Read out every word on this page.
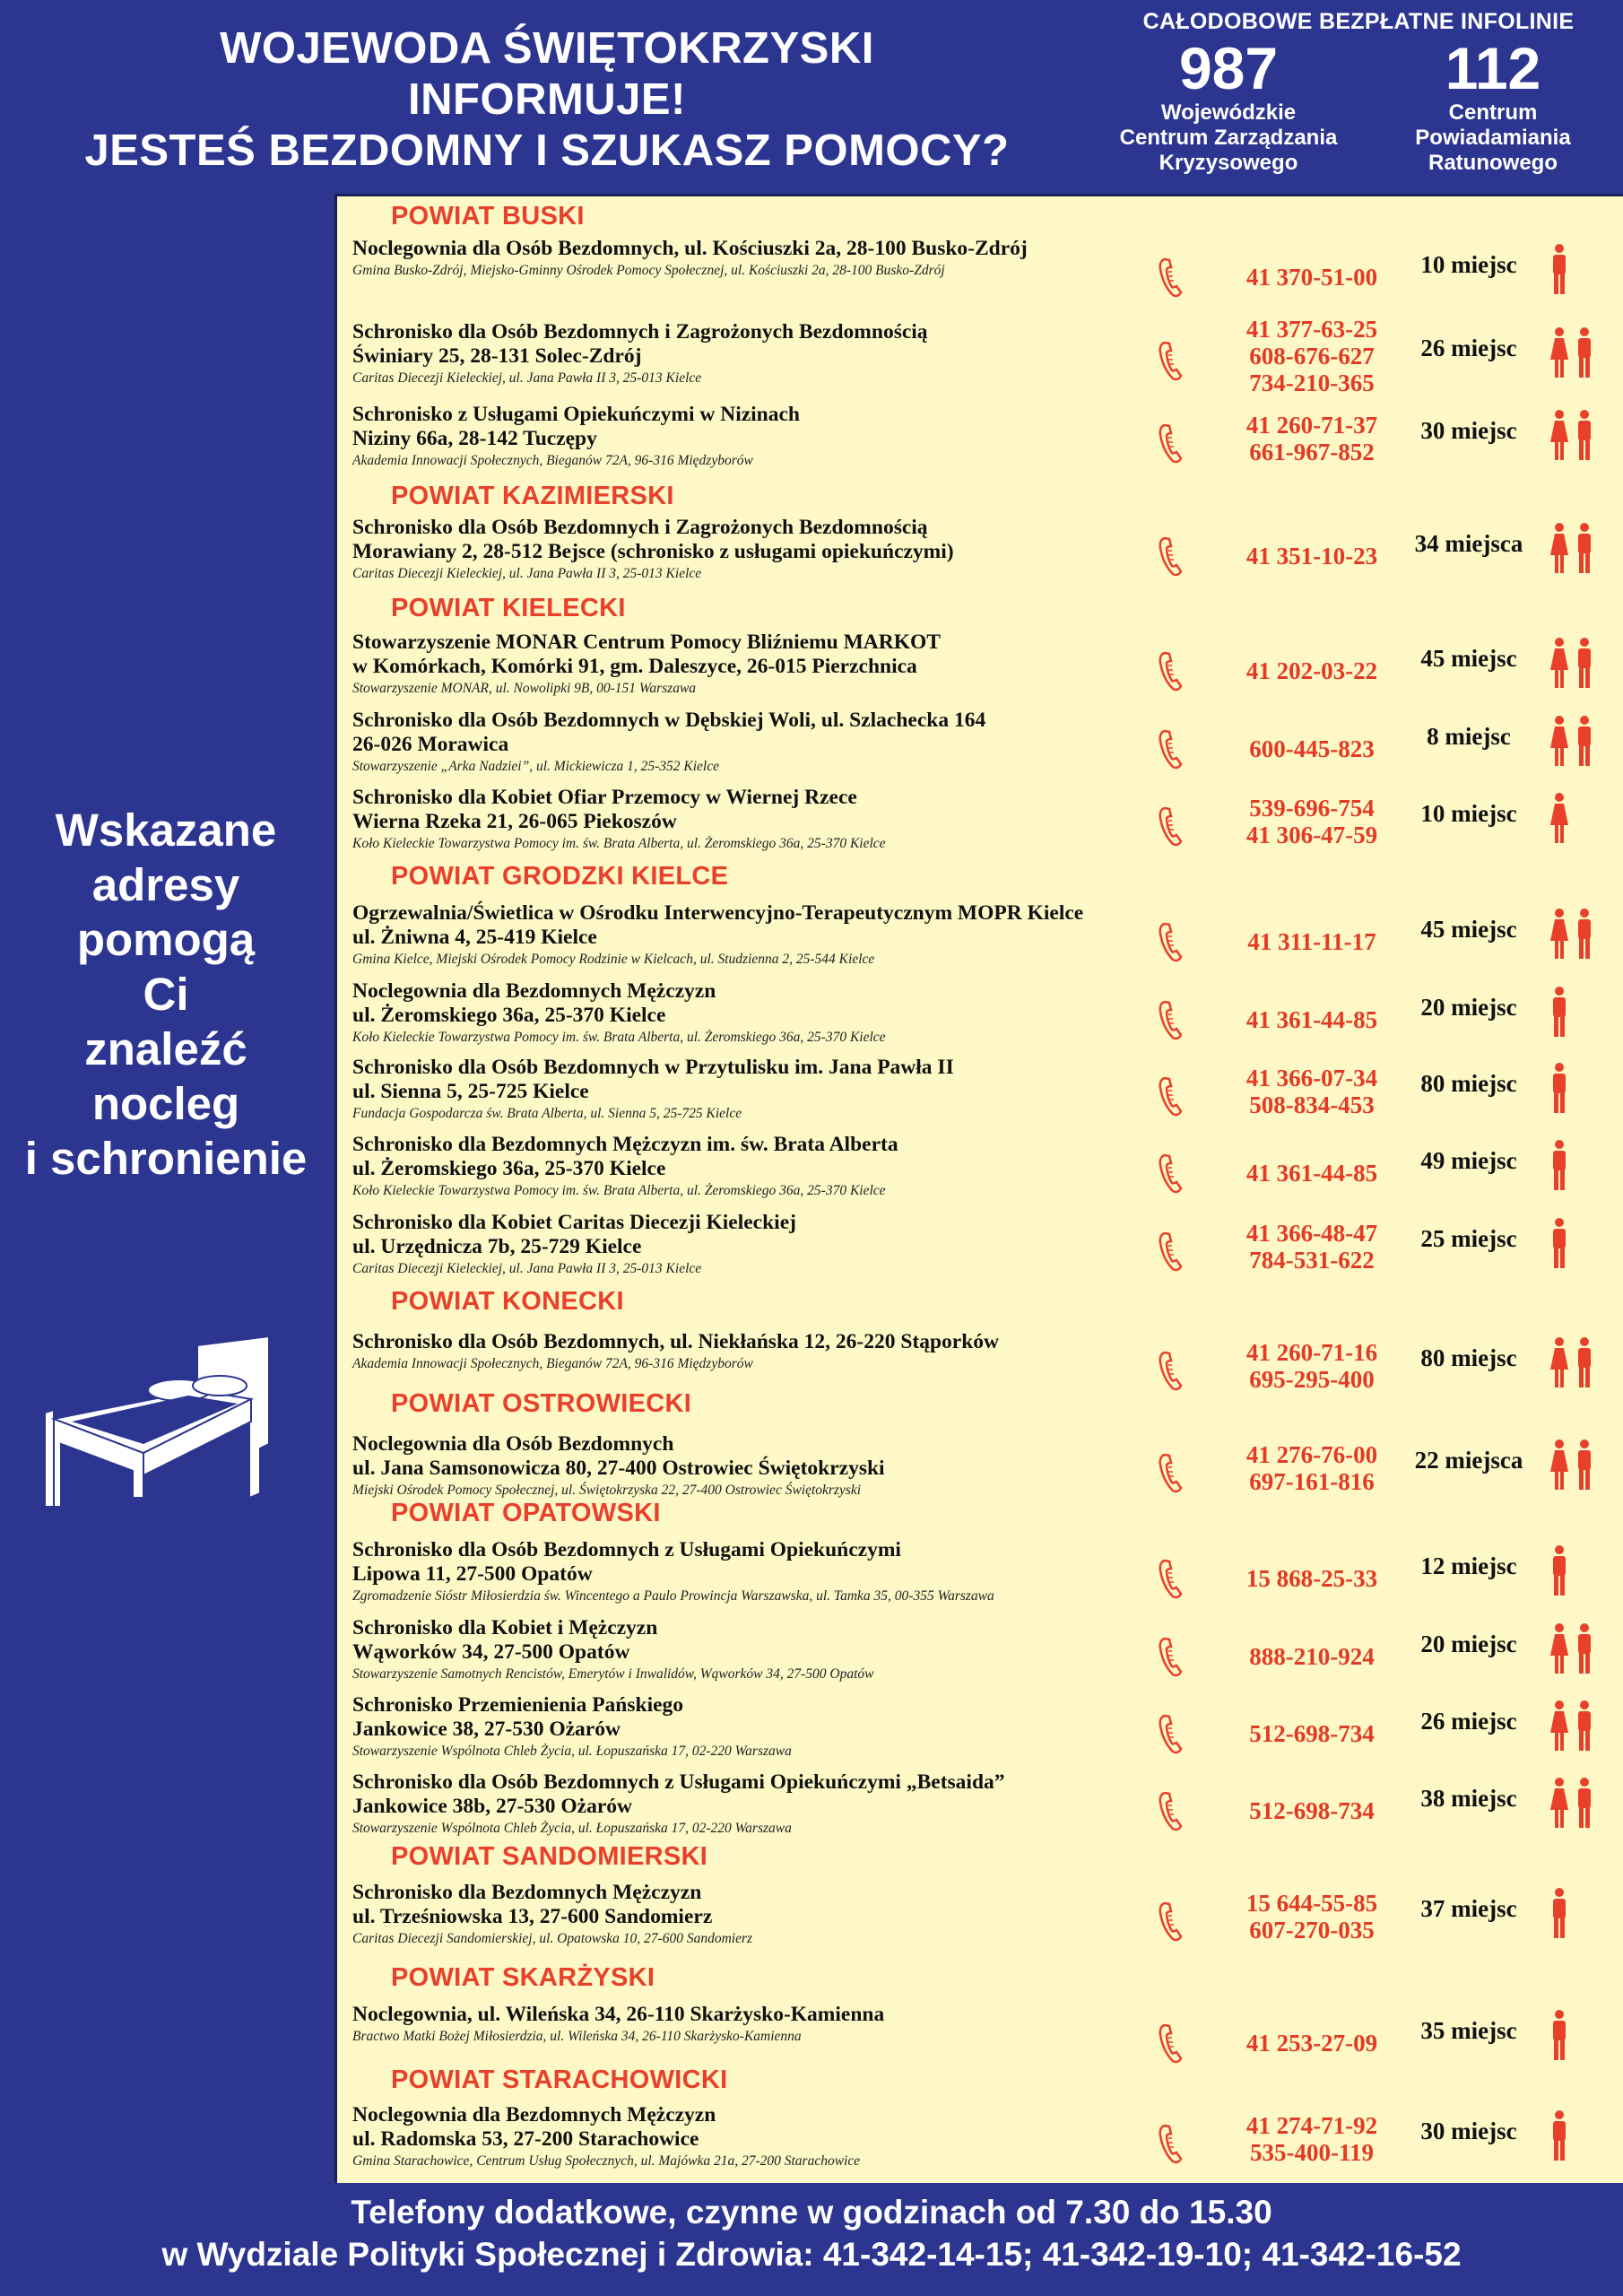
WOJEWODA ŚWIĘTOKRZYSKI
INFORMUJE!
JESTEŚ BEZDOMNY I SZUKASZ POMOCY?
CAŁODOBOWE BEZPŁATNE INFOLINIE
987
Wojewódzkie
Centrum Zarządzania
Kryzysowego
112
Centrum
Powiadamiania
Ratunowego
Wskazane
adresy
pomogą
Ci
znaleźć
nocleg
i schronienie
POWIAT BUSKI
Noclegownia dla Osób Bezdomnych, ul. Kościuszki 2a, 28-100 Busko-Zdrój
Gmina Busko-Zdrój, Miejsko-Gminny Ośrodek Pomocy Społecznej, ul. Kościuszki 2a, 28-100 Busko-Zdrój	41 370-51-00	10 miejsc
Schronisko dla Osób Bezdomnych i Zagrożonych Bezdomnością
Świniary 25, 28-131 Solec-Zdrój
Caritas Diecezji Kieleckiej, ul. Jana Pawła II 3, 25-013 Kielce
41 377-63-25
608-676-627
734-210-365
26 miejsc
Schronisko z Usługami Opiekuńczymi w Nizinach
Niziny 66a, 28-142 Tuczępy
Akademia Innowacji Społecznych, Bieganów 72A, 96-316 Międzyborów
41 260-71-37
661-967-852
30 miejsc
POWIAT KAZIMIERSKI
Schronisko dla Osób Bezdomnych i Zagrożonych Bezdomnością
Morawiany 2, 28-512 Bejsce (schronisko z usługami opiekuńczymi)
Caritas Diecezji Kieleckiej, ul. Jana Pawła II 3, 25-013 Kielce
41 351-10-23	34 miejsca
POWIAT KIELECKI
Stowarzyszenie MONAR Centrum Pomocy Bliźniemu MARKOT
w Komórkach, Komórki 91, gm. Daleszyce, 26-015 Pierzchnica
Stowarzyszenie MONAR, ul. Nowolipki 9B, 00-151 Warszawa
41 202-03-22	45 miejsc
Schronisko dla Osób Bezdomnych w Dębskiej Woli, ul. Szlachecka 164
26-026 Morawica
Stowarzyszenie „Arka Nadziei”, ul. Mickiewicza 1, 25-352 Kielce
600-445-823	8 miejsc
Schronisko dla Kobiet Ofiar Przemocy w Wiernej Rzece
Wierna Rzeka 21, 26-065 Piekoszów
Koło Kieleckie Towarzystwa Pomocy im. św. Brata Alberta, ul. Żeromskiego 36a, 25-370 Kielce
539-696-754
41 306-47-59
10 miejsc
POWIAT GRODZKI KIELCE
Ogrzewalnia/Świetlica w Ośrodku Interwencyjno-Terapeutycznym MOPR Kielce
ul. Żniwna 4, 25-419 Kielce
Gmina Kielce, Miejski Ośrodek Pomocy Rodzinie w Kielcach, ul. Studzienna 2, 25-544 Kielce
41 311-11-17	45 miejsc
Noclegownia dla Bezdomnych Mężczyzn
ul. Żeromskiego 36a, 25-370 Kielce
Koło Kieleckie Towarzystwa Pomocy im. św. Brata Alberta, ul. Żeromskiego 36a, 25-370 Kielce
41 361-44-85	20 miejsc
Schronisko dla Osób Bezdomnych w Przytulisku im. Jana Pawła II
ul. Sienna 5, 25-725 Kielce
Fundacja Gospodarcza św. Brata Alberta, ul. Sienna 5, 25-725 Kielce
41 366-07-34
508-834-453
80 miejsc
Schronisko dla Bezdomnych Mężczyzn im. św. Brata Alberta
ul. Żeromskiego 36a, 25-370 Kielce
Koło Kieleckie Towarzystwa Pomocy im. św. Brata Alberta, ul. Żeromskiego 36a, 25-370 Kielce
41 361-44-85	49 miejsc
Schronisko dla Kobiet Caritas Diecezji Kieleckiej
ul. Urzędnicza 7b, 25-729 Kielce
Caritas Diecezji Kieleckiej, ul. Jana Pawła II 3, 25-013 Kielce
41 366-48-47
784-531-622
25 miejsc
POWIAT KONECKI
Schronisko dla Osób Bezdomnych, ul. Niekłańska 12, 26-220 Stąporków
Akademia Innowacji Społecznych, Bieganów 72A, 96-316 Międzyborów	41 260-71-16
695-295-400
80 miejsc
POWIAT OSTROWIECKI
Noclegownia dla Osób Bezdomnych
ul. Jana Samsonowicza 80, 27-400 Ostrowiec Świętokrzyski
Miejski Ośrodek Pomocy Społecznej, ul. Świętokrzyska 22, 27-400 Ostrowiec Świętokrzyski
41 276-76-00
697-161-816
22 miejsca
POWIAT OPATOWSKI
Schronisko dla Osób Bezdomnych z Usługami Opiekuńczymi
Lipowa 11, 27-500 Opatów
Zgromadzenie Sióstr Miłosierdzia św. Wincentego a Paulo Prowincja Warszawska, ul. Tamka 35, 00-355 Warszawa
15 868-25-33	12 miejsc
Schronisko dla Kobiet i Mężczyzn
Wąworków 34, 27-500 Opatów
Stowarzyszenie Samotnych Rencistów, Emerytów i Inwalidów, Wąworków 34, 27-500 Opatów
888-210-924	20 miejsc
Schronisko Przemienienia Pańskiego
Jankowice 38, 27-530 Ożarów
Stowarzyszenie Wspólnota Chleb Życia, ul. Łopuszańska 17, 02-220 Warszawa
512-698-734	26 miejsc
Schronisko dla Osób Bezdomnych z Usługami Opiekuńczymi „Betsaida”
Jankowice 38b, 27-530 Ożarów
Stowarzyszenie Wspólnota Chleb Życia, ul. Łopuszańska 17, 02-220 Warszawa
512-698-734	38 miejsc
POWIAT SANDOMIERSKI
Schronisko dla Bezdomnych Mężczyzn
ul. Trześniowska 13, 27-600 Sandomierz
Caritas Diecezji Sandomierskiej, ul. Opatowska 10, 27-600 Sandomierz
15 644-55-85
607-270-035
37 miejsc
POWIAT SKARŻYSKI
Noclegownia, ul. Wileńska 34, 26-110 Skarżysko-Kamienna
Bractwo Matki Bożej Miłosierdzia, ul. Wileńska 34, 26-110 Skarżysko-Kamienna	41 253-27-09	35 miejsc
POWIAT STARACHOWICKI
Noclegownia dla Bezdomnych Mężczyzn
ul. Radomska 53, 27-200 Starachowice
Gmina Starachowice, Centrum Usług Społecznych, ul. Majówka 21a, 27-200 Starachowice
41 274-71-92
535-400-119
30 miejsc
Telefony dodatkowe, czynne w godzinach od 7.30 do 15.30
w Wydziale Polityki Społecznej i Zdrowia: 41-342-14-15; 41-342-19-10; 41-342-16-52
